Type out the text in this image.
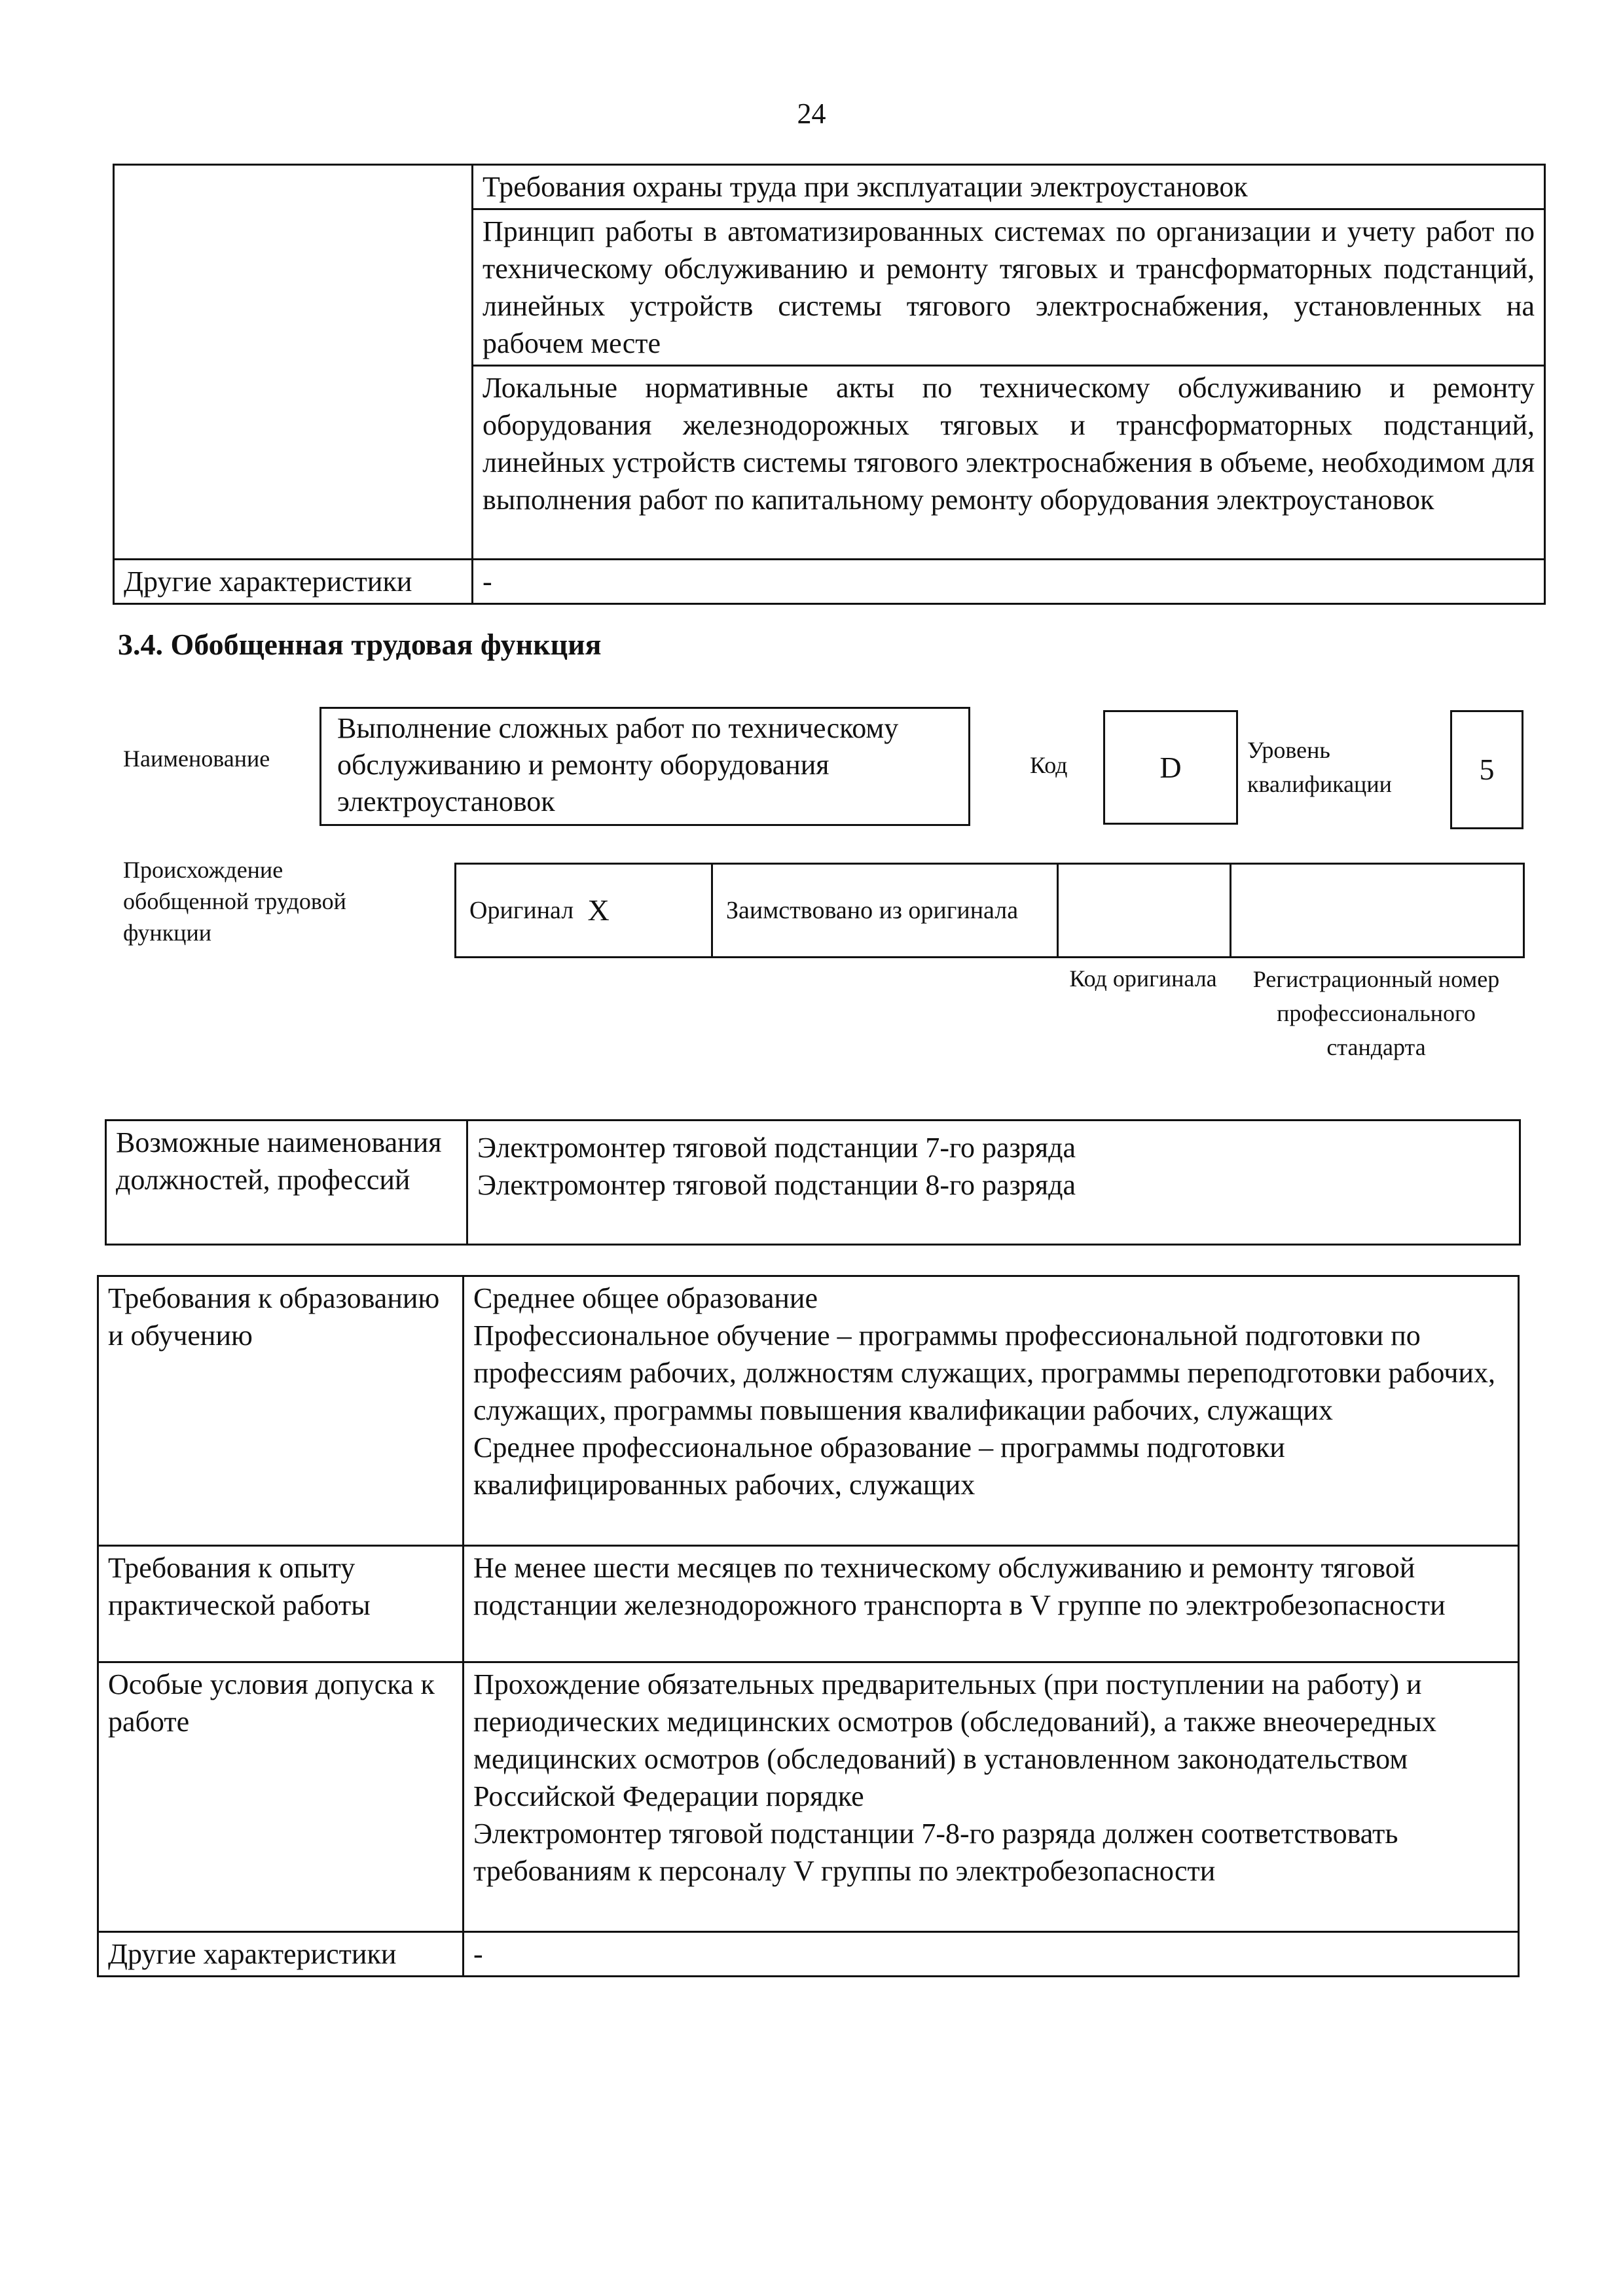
24
	Требования охраны труда при эксплуатации электроустановок
	Принцип работы в автоматизированных системах по организации и учету работ по техническому обслуживанию и ремонту тяговых и трансформаторных подстанций, линейных устройств системы тягового электроснабжения, установленных на рабочем месте
	Локальные нормативные акты по техническому обслуживанию и ремонту оборудования железнодорожных тяговых и трансформаторных подстанций, линейных устройств системы тягового электроснабжения в объеме, необходимом для выполнения работ по капитальному ремонту оборудования электроустановок
Другие характеристики	-
3.4. Обобщенная трудовая функция
Наименование
Выполнение сложных работ по техническому обслуживанию и ремонту оборудования электроустановок
Код	D
Уровень квалификации	5
Происхождение обобщенной трудовой функции
Оригинал	X	Заимствовано из оригинала		
Код оригинала	Регистрационный номер профессионального стандарта
Возможные наименования должностей, профессий	
Электромонтер тяговой подстанции 7-го разряда
Электромонтер тяговой подстанции 8-го разряда
Требования к образованию и обучению	Среднее общее образование
Профессиональное обучение – программы профессиональной подготовки по профессиям рабочих, должностям служащих, программы переподготовки рабочих, служащих, программы повышения квалификации рабочих, служащих
Среднее профессиональное образование – программы подготовки квалифицированных рабочих, служащих

Требования к опыту практической работы	Не менее шести месяцев по техническому обслуживанию и ремонту тяговой подстанции железнодорожного транспорта в V группе по электробезопасности
Особые условия допуска к работе	Прохождение обязательных предварительных (при поступлении на работу) и периодических медицинских осмотров (обследований), а также внеочередных медицинских осмотров (обследований) в установленном законодательством Российской Федерации порядке
Электромонтер тяговой подстанции 7-8-го разряда должен соответствовать требованиям к персоналу V группы по электробезопасности

Другие характеристики	-
